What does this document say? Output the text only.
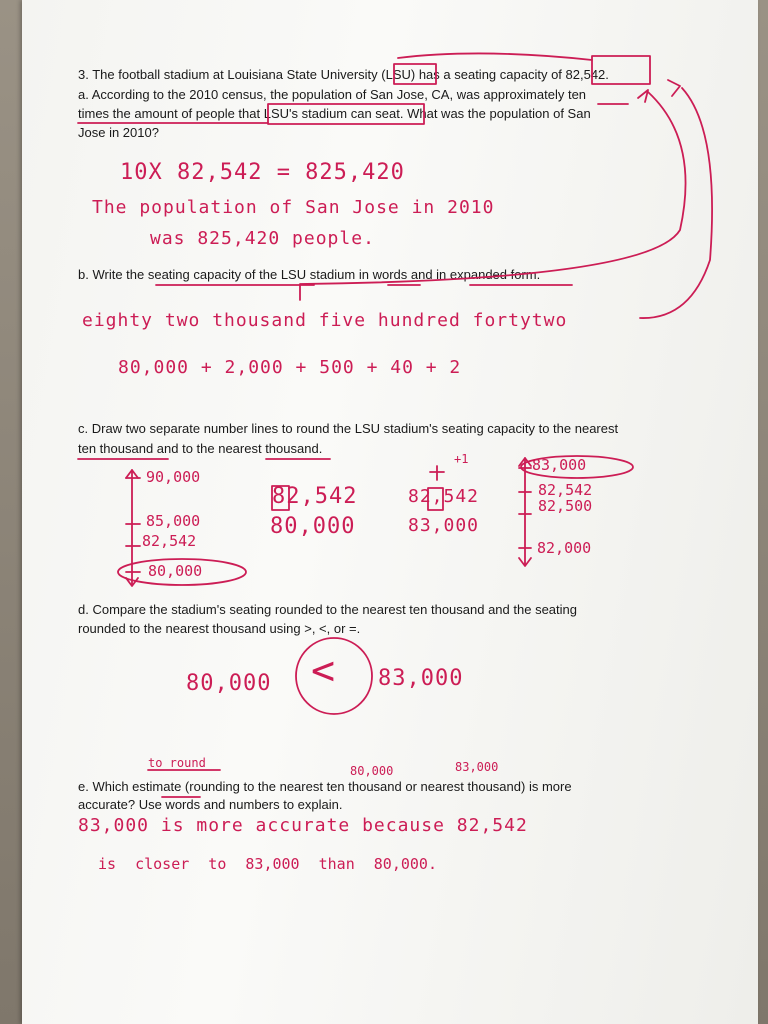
3. The football stadium at Louisiana State University (LSU) has a seating capacity of 82,542.
a. According to the 2010 census, the population of San Jose, CA, was approximately ten
times the amount of people that LSU's stadium can seat. What was the population of San
Jose in 2010?
b. Write the seating capacity of the LSU stadium in words and in expanded form.
c. Draw two separate number lines to round the LSU stadium's seating capacity to the nearest
ten thousand and to the nearest thousand.
d. Compare the stadium's seating rounded to the nearest ten thousand and the seating
rounded to the nearest thousand using >, <, or =.
e. Which estimate (rounding to the nearest ten thousand or nearest thousand) is more
accurate? Use words and numbers to explain.
10X 82,542 = 825,420
The population of San Jose in 2010
was 825,420 people.
eighty two thousand five hundred fortytwo
80,000 + 2,000 + 500 + 40 + 2
90,000
85,000
82,542
80,000
82,542
80,000
+1
82,542
83,000
83,000
82,542
82,500
82,000
80,000 < 83,000
to round
80,000	83,000
83,000 is more accurate because 82,542
is closer to 83,000 than 80,000.
